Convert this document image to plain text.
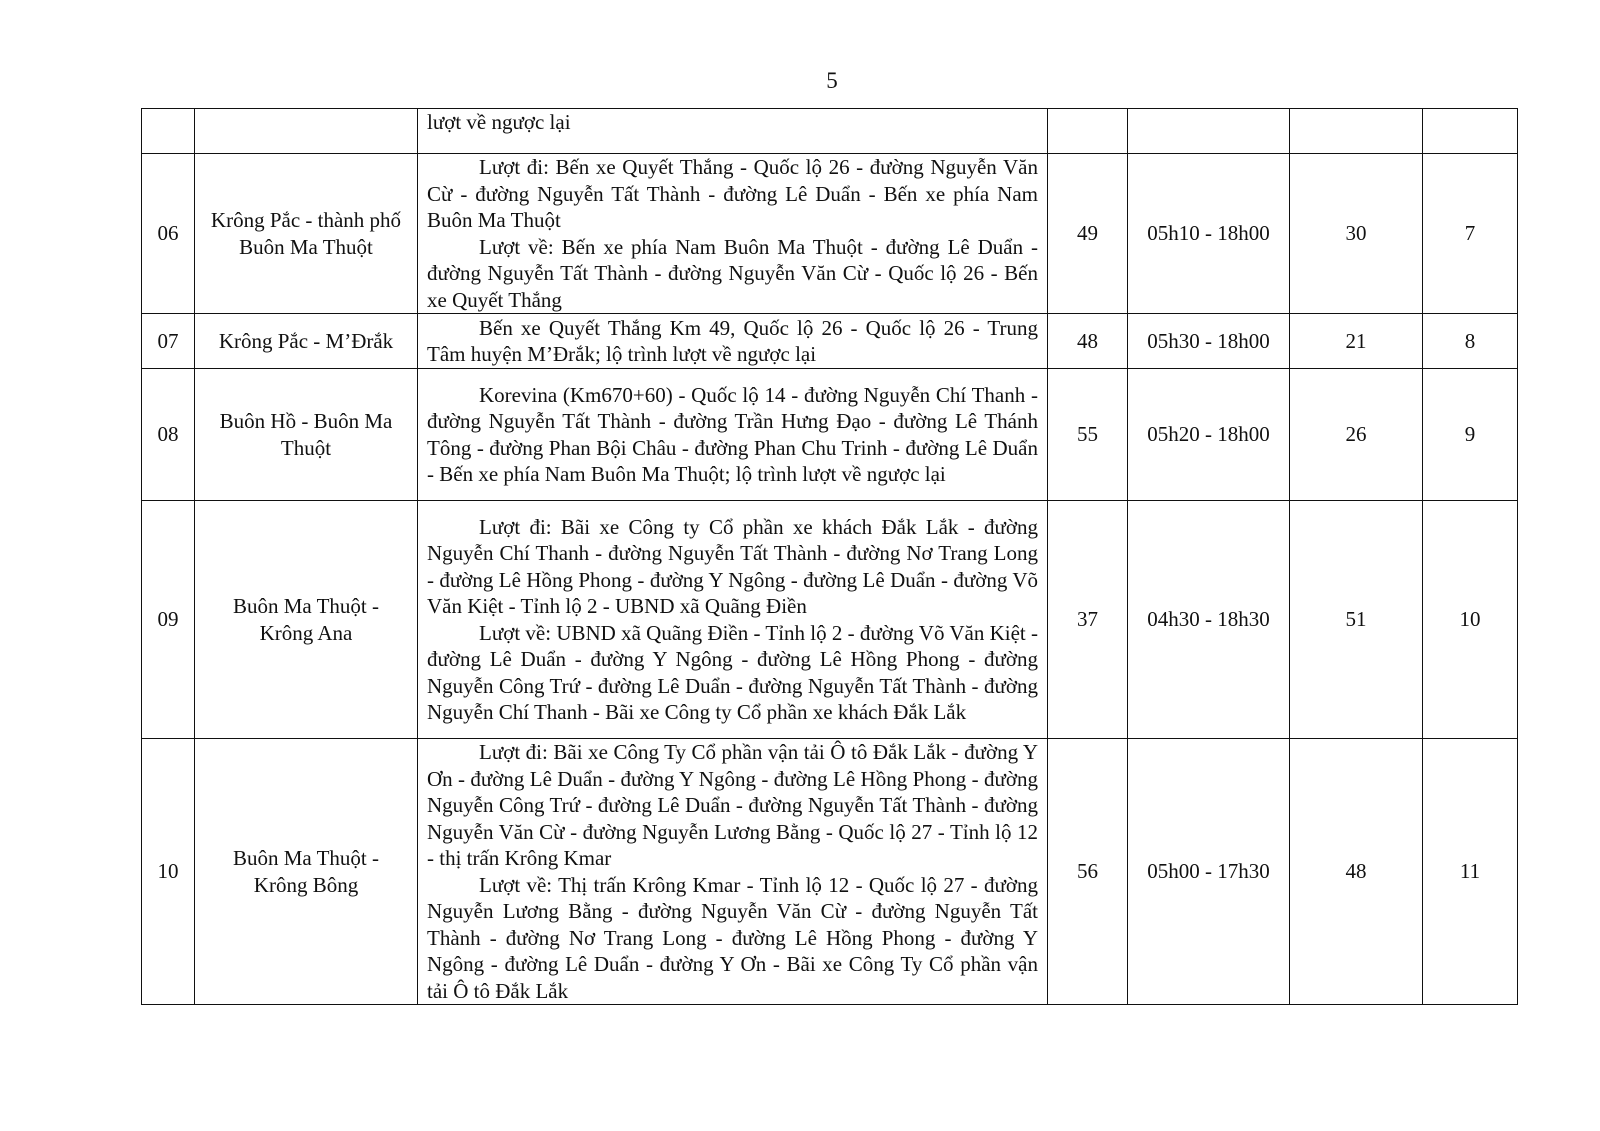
5

		lượt về ngược lại				

06	Krông Pắc - thành phố Buôn Ma Thuột	Lượt đi: Bến xe Quyết Thắng - Quốc lộ 26 - đường Nguyễn Văn Cừ - đường Nguyễn Tất Thành - đường Lê Duẩn - Bến xe phía Nam Buôn Ma Thuột
Lượt về: Bến xe phía Nam Buôn Ma Thuột - đường Lê Duẩn - đường Nguyễn Tất Thành - đường Nguyễn Văn Cừ - Quốc lộ 26 - Bến xe Quyết Thắng	49	05h10 - 18h00	30	7
07	Krông Pắc - M’Đrắk	Bến xe Quyết Thắng Km 49, Quốc lộ 26 - Quốc lộ 26 - Trung Tâm huyện M’Đrắk; lộ trình lượt về ngược lại	48	05h30 - 18h00	21	8
08	Buôn Hồ - Buôn Ma Thuột	Korevina (Km670+60) - Quốc lộ 14 - đường Nguyễn Chí Thanh - đường Nguyễn Tất Thành - đường Trần Hưng Đạo - đường Lê Thánh Tông - đường Phan Bội Châu - đường Phan Chu Trinh - đường Lê Duẩn - Bến xe phía Nam Buôn Ma Thuột; lộ trình lượt về ngược lại	55	05h20 - 18h00	26	9
09	Buôn Ma Thuột - Krông Ana	Lượt đi: Bãi xe Công ty Cổ phần xe khách Đắk Lắk - đường Nguyễn Chí Thanh - đường Nguyễn Tất Thành - đường Nơ Trang Long - đường Lê Hồng Phong - đường Y Ngông - đường Lê Duẩn - đường Võ Văn Kiệt - Tỉnh lộ 2 - UBND xã Quãng Điền
Lượt về: UBND xã Quãng Điền - Tỉnh lộ 2 - đường Võ Văn Kiệt - đường Lê Duẩn - đường Y Ngông - đường Lê Hồng Phong - đường Nguyễn Công Trứ - đường Lê Duẩn - đường Nguyễn Tất Thành - đường Nguyễn Chí Thanh - Bãi xe Công ty Cổ phần xe khách Đắk Lắk	37	04h30 - 18h30	51	10
10	Buôn Ma Thuột - Krông Bông	Lượt đi: Bãi xe Công Ty Cổ phần vận tải Ô tô Đắk Lắk - đường Y Ơn - đường Lê Duẩn - đường Y Ngông - đường Lê Hồng Phong - đường Nguyễn Công Trứ - đường Lê Duẩn - đường Nguyễn Tất Thành - đường Nguyễn Văn Cừ - đường Nguyễn Lương Bằng - Quốc lộ 27 - Tỉnh lộ 12 - thị trấn Krông Kmar
Lượt về: Thị trấn Krông Kmar - Tỉnh lộ 12 - Quốc lộ 27 - đường Nguyễn Lương Bằng - đường Nguyễn Văn Cừ - đường Nguyễn Tất Thành - đường Nơ Trang Long - đường Lê Hồng Phong - đường Y Ngông - đường Lê Duẩn - đường Y Ơn - Bãi xe Công Ty Cổ phần vận tải Ô tô Đắk Lắk	56	05h00 - 17h30	48	11
